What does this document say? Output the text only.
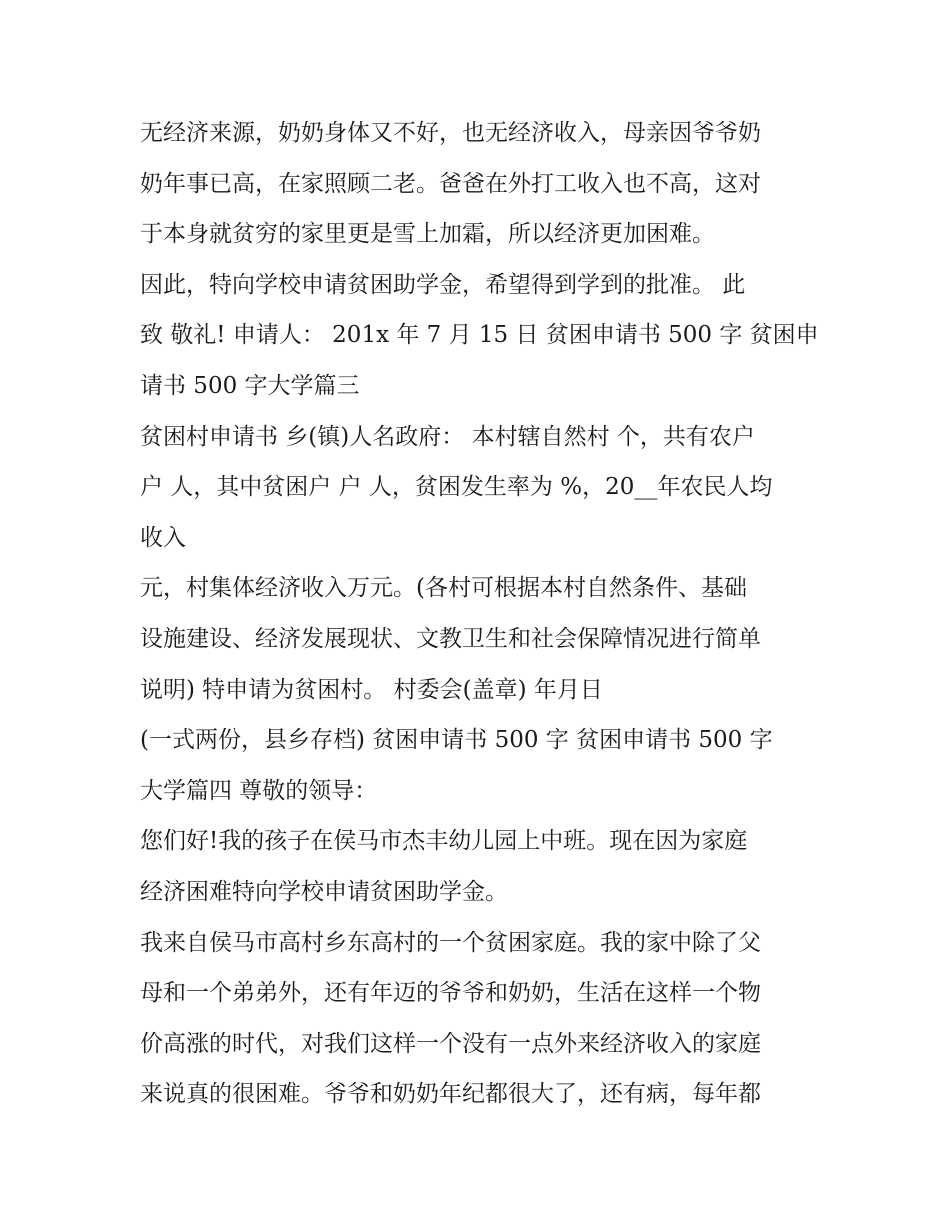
无经济来源，奶奶身体又不好，也无经济收入，母亲因爷爷奶
奶年事已高，在家照顾二老。爸爸在外打工收入也不高，这对
于本身就贫穷的家里更是雪上加霜，所以经济更加困难。
因此，特向学校申请贫困助学金，希望得到学到的批准。 此
致 敬礼! 申请人： 201x 年 7 月 15 日 贫困申请书 500 字 贫困申
请书 500 字大学篇三
贫困村申请书 乡(镇)人名政府： 本村辖自然村 个，共有农户
户 人，其中贫困户 户 人，贫困发生率为 %，20__年农民人均
收入
元，村集体经济收入万元。(各村可根据本村自然条件、基础
设施建设、经济发展现状、文教卫生和社会保障情况进行简单
说明) 特申请为贫困村。 村委会(盖章) 年月日
(一式两份，县乡存档) 贫困申请书 500 字 贫困申请书 500 字
大学篇四 尊敬的领导：
您们好!我的孩子在侯马市杰丰幼儿园上中班。现在因为家庭
经济困难特向学校申请贫困助学金。
我来自侯马市高村乡东高村的一个贫困家庭。我的家中除了父
母和一个弟弟外，还有年迈的爷爷和奶奶，生活在这样一个物
价高涨的时代，对我们这样一个没有一点外来经济收入的家庭
来说真的很困难。爷爷和奶奶年纪都很大了，还有病，每年都
